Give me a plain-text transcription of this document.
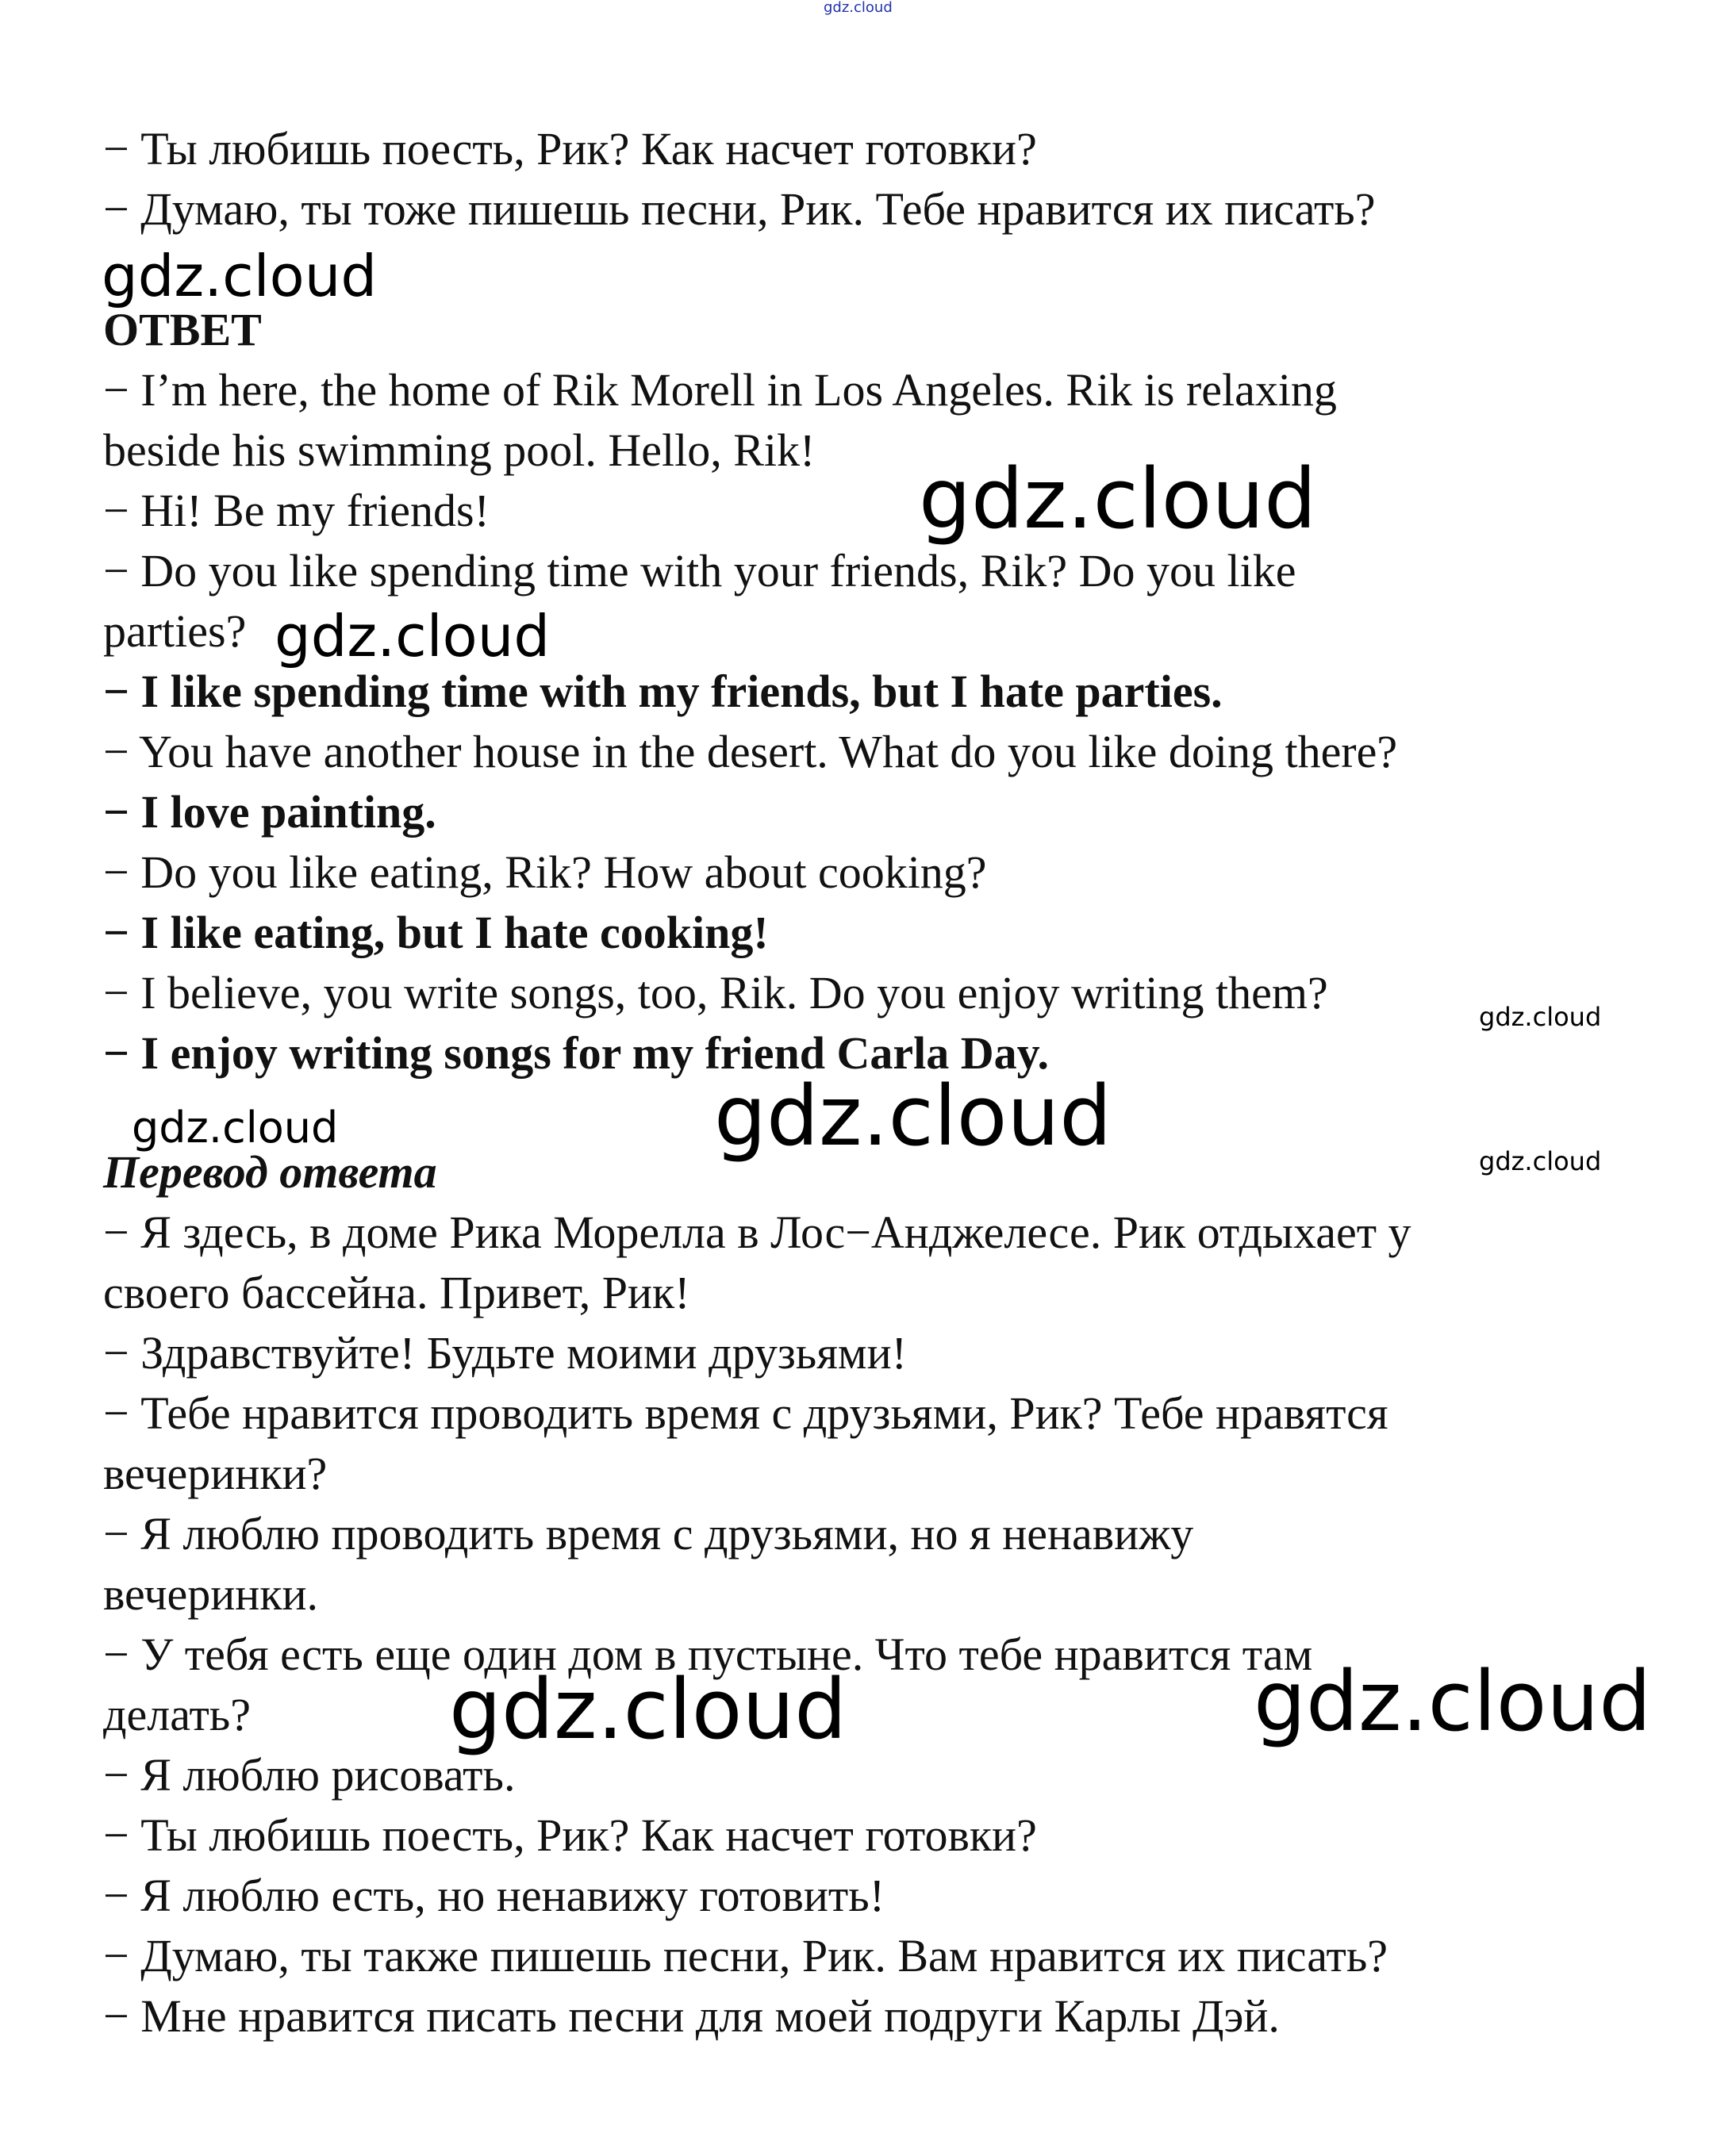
gdz.cloud
− Ты любишь поесть, Рик? Как насчет готовки?
− Думаю, ты тоже пишешь песни, Рик. Тебе нравится их писать?
gdz.cloud
ОТВЕТ
− I’m here, the home of Rik Morell in Los Angeles. Rik is relaxing
beside his swimming pool. Hello, Rik!
− Hi! Be my friends!	gdz.cloud
− Do you like spending time with your friends, Rik? Do you like
parties? gdz.cloud
− I like spending time with my friends, but I hate parties.
− You have another house in the desert. What do you like doing there?
− I love painting.
− Do you like eating, Rik? How about cooking?
− I like eating, but I hate cooking!
− I believe, you write songs, too, Rik. Do you enjoy writing them?	gdz.cloud
− I enjoy writing songs for my friend Carla Day.
gdz.cloud	gdz.cloud	gdz.cloud
Перевод ответа
− Я здесь, в доме Рика Морелла в Лос−Анджелесе. Рик отдыхает у
своего бассейна. Привет, Рик!
− Здравствуйте! Будьте моими друзьями!
− Тебе нравится проводить время с друзьями, Рик? Тебе нравятся
вечеринки?
− Я люблю проводить время с друзьями, но я ненавижу
вечеринки.
− У тебя есть еще один дом в пустыне. Что тебе нравится там
делать? gdz.cloud	gdz.cloud
− Я люблю рисовать.
− Ты любишь поесть, Рик? Как насчет готовки?
− Я люблю есть, но ненавижу готовить!
− Думаю, ты также пишешь песни, Рик. Вам нравится их писать?
− Мне нравится писать песни для моей подруги Карлы Дэй.
